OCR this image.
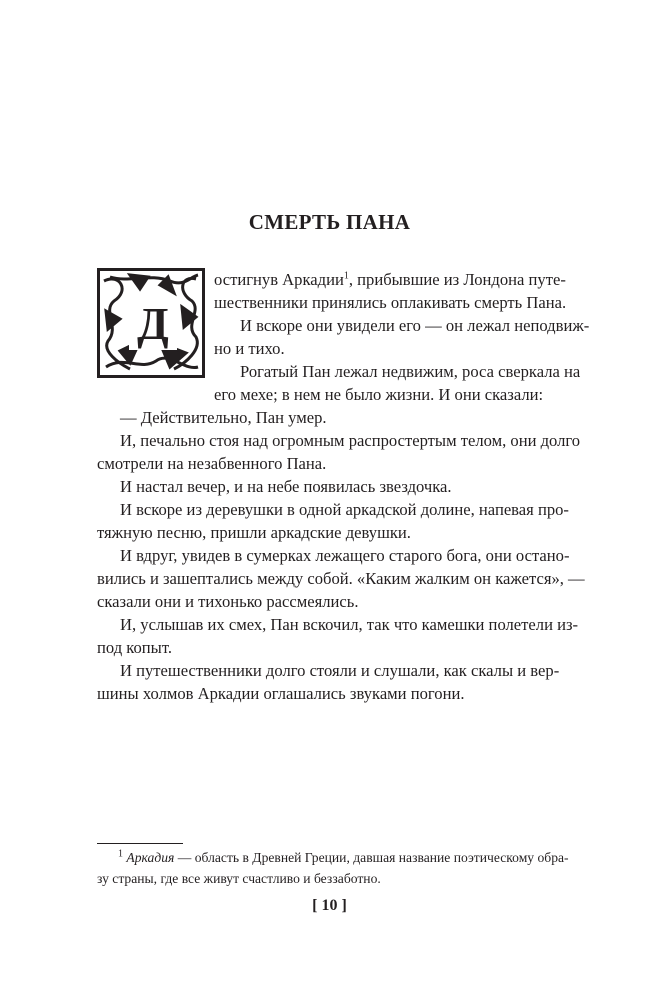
СМЕРТЬ ПАНА
Д
остигнув Аркадии$^1$, прибывшие из Лондона путе-
шественники принялись оплакивать смерть Пана.
И вскоре они увидели его — он лежал неподвиж-
но и тихо.
Рогатый Пан лежал недвижим, роса сверкала на
его мехе; в нем не было жизни. И они сказали:
— Действительно, Пан умер.
И, печально стоя над огромным распростертым телом, они долго
смотрели на незабвенного Пана.
И настал вечер, и на небе появилась звездочка.
И вскоре из деревушки в одной аркадской долине, напевая про-
тяжную песню, пришли аркадские девушки.
И вдруг, увидев в сумерках лежащего старого бога, они остано-
вились и зашептались между собой. «Каким жалким он кажется», —
сказали они и тихонько рассмеялись.
И, услышав их смех, Пан вскочил, так что камешки полетели из-
под копыт.
И путешественники долго стояли и слушали, как скалы и вер-
шины холмов Аркадии оглашались звуками погони.
$^1$ Аркадия — область в Древней Греции, давшая название поэтическому обра-
зу страны, где все живут счастливо и беззаботно.
[ 10 ]
